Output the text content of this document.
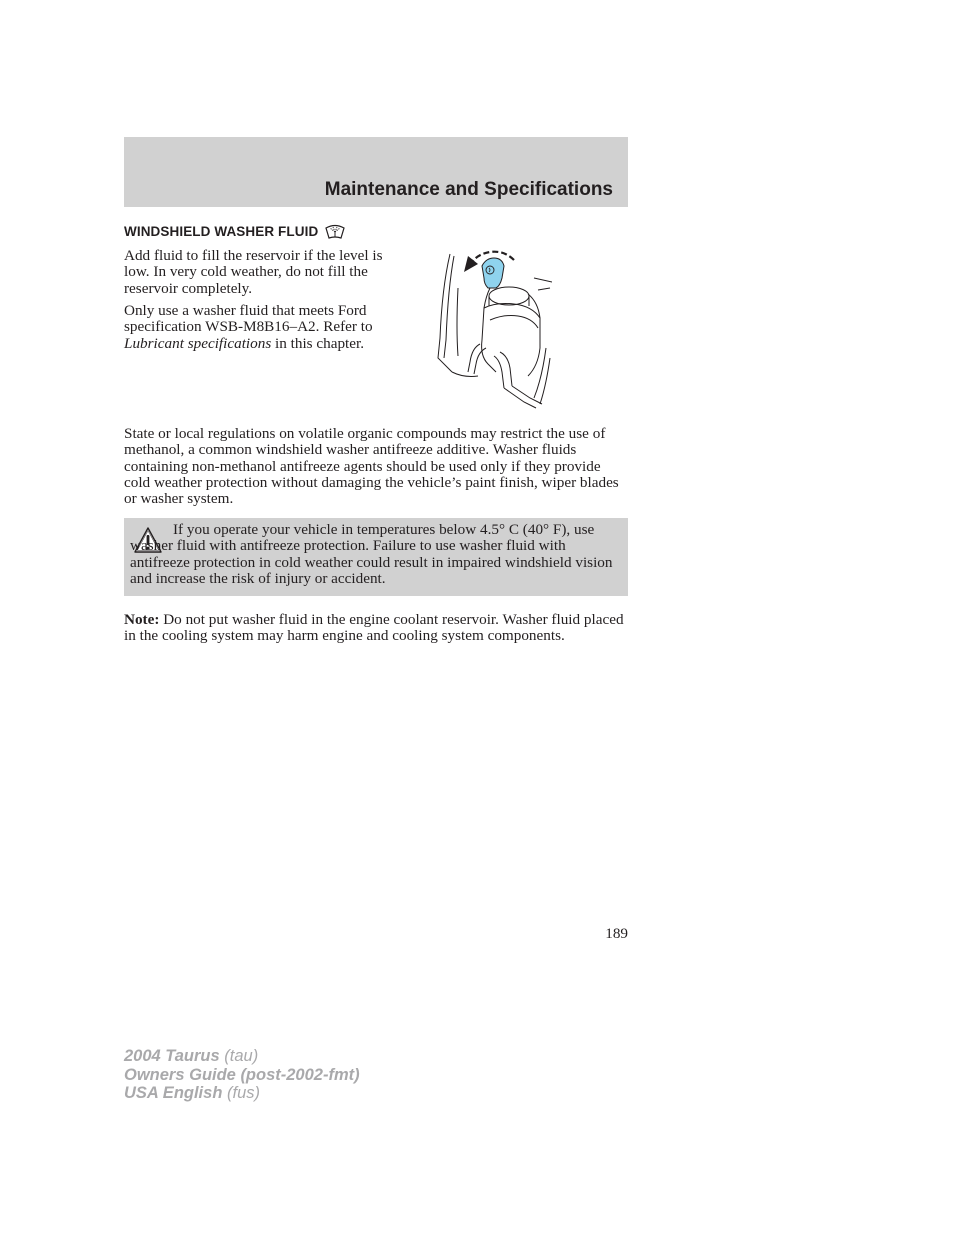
Maintenance and Specifications
WINDSHIELD WASHER FLUID

Add fluid to fill the reservoir if the level is low. In very cold weather, do not fill the reservoir completely.

Only use a washer fluid that meets Ford specification WSB-M8B16–A2. Refer to Lubricant specifications in this chapter.

State or local regulations on volatile organic compounds may restrict the use of methanol, a common windshield washer antifreeze additive. Washer fluids containing non-methanol antifreeze agents should be used only if they provide cold weather protection without damaging the vehicle’s paint finish, wiper blades or washer system.

If you operate your vehicle in temperatures below 4.5° C (40° F), use washer fluid with antifreeze protection. Failure to use washer fluid with antifreeze protection in cold weather could result in impaired windshield vision and increase the risk of injury or accident.

Note: Do not put washer fluid in the engine coolant reservoir. Washer fluid placed in the cooling system may harm engine and cooling system components.

189
2004 Taurus (tau)
Owners Guide (post-2002-fmt)
USA English (fus)
